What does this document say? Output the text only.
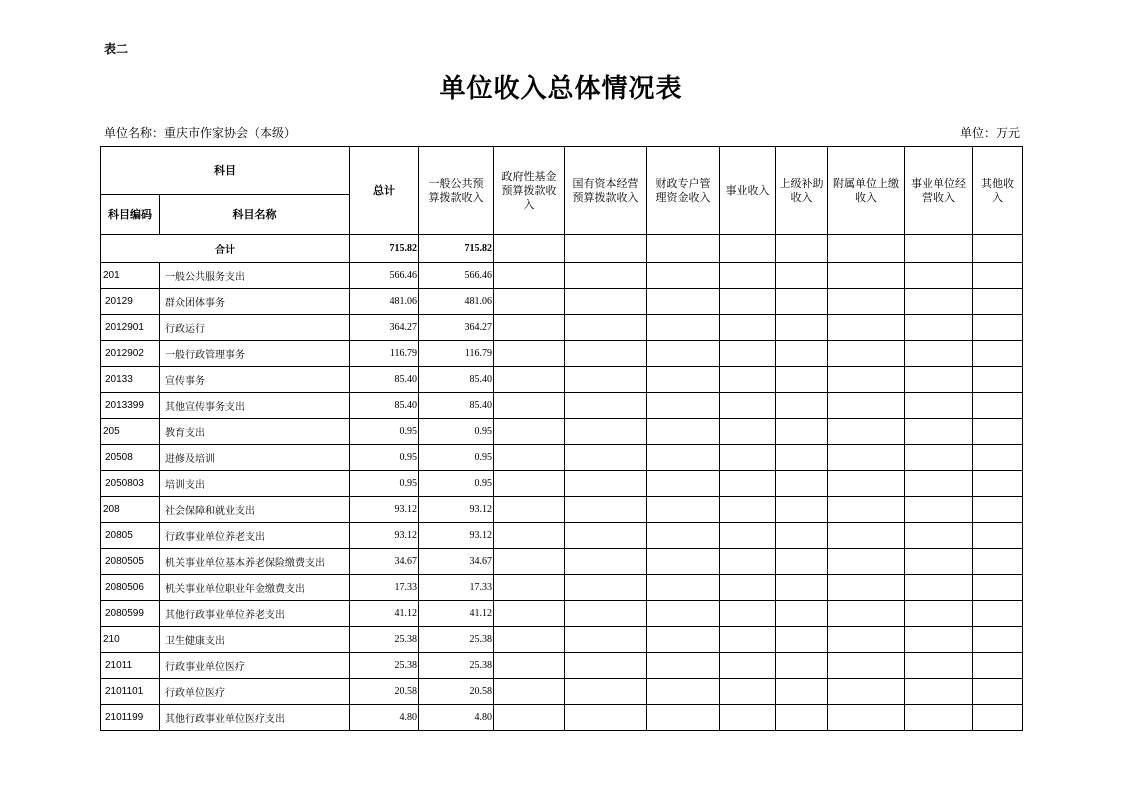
表二
单位收入总体情况表
单位名称：重庆市作家协会（本级）	单位：万元
科目		总计	一般公共预算拨款收入	政府性基金预算拨款收入	国有资本经营预算拨款收入	财政专户管理资金收入	事业收入	上级补助收入	附属单位上缴收入	事业单位经营收入	其他收入

科目编码	科目名称										
合计		715.82	715.82								
201	一般公共服务支出	566.46	566.46								
20129	群众团体事务	481.06	481.06								
2012901	行政运行	364.27	364.27								
2012902	一般行政管理事务	116.79	116.79								
20133	宣传事务	85.40	85.40								
2013399	其他宣传事务支出	85.40	85.40								
205	教育支出	0.95	0.95								
20508	进修及培训	0.95	0.95								
2050803	培训支出	0.95	0.95								
208	社会保障和就业支出	93.12	93.12								
20805	行政事业单位养老支出	93.12	93.12								
2080505	机关事业单位基本养老保险缴费支出	34.67	34.67								
2080506	机关事业单位职业年金缴费支出	17.33	17.33								
2080599	其他行政事业单位养老支出	41.12	41.12								
210	卫生健康支出	25.38	25.38								
21011	行政事业单位医疗	25.38	25.38								
2101101	行政单位医疗	20.58	20.58								
2101199	其他行政事业单位医疗支出	4.80	4.80								
